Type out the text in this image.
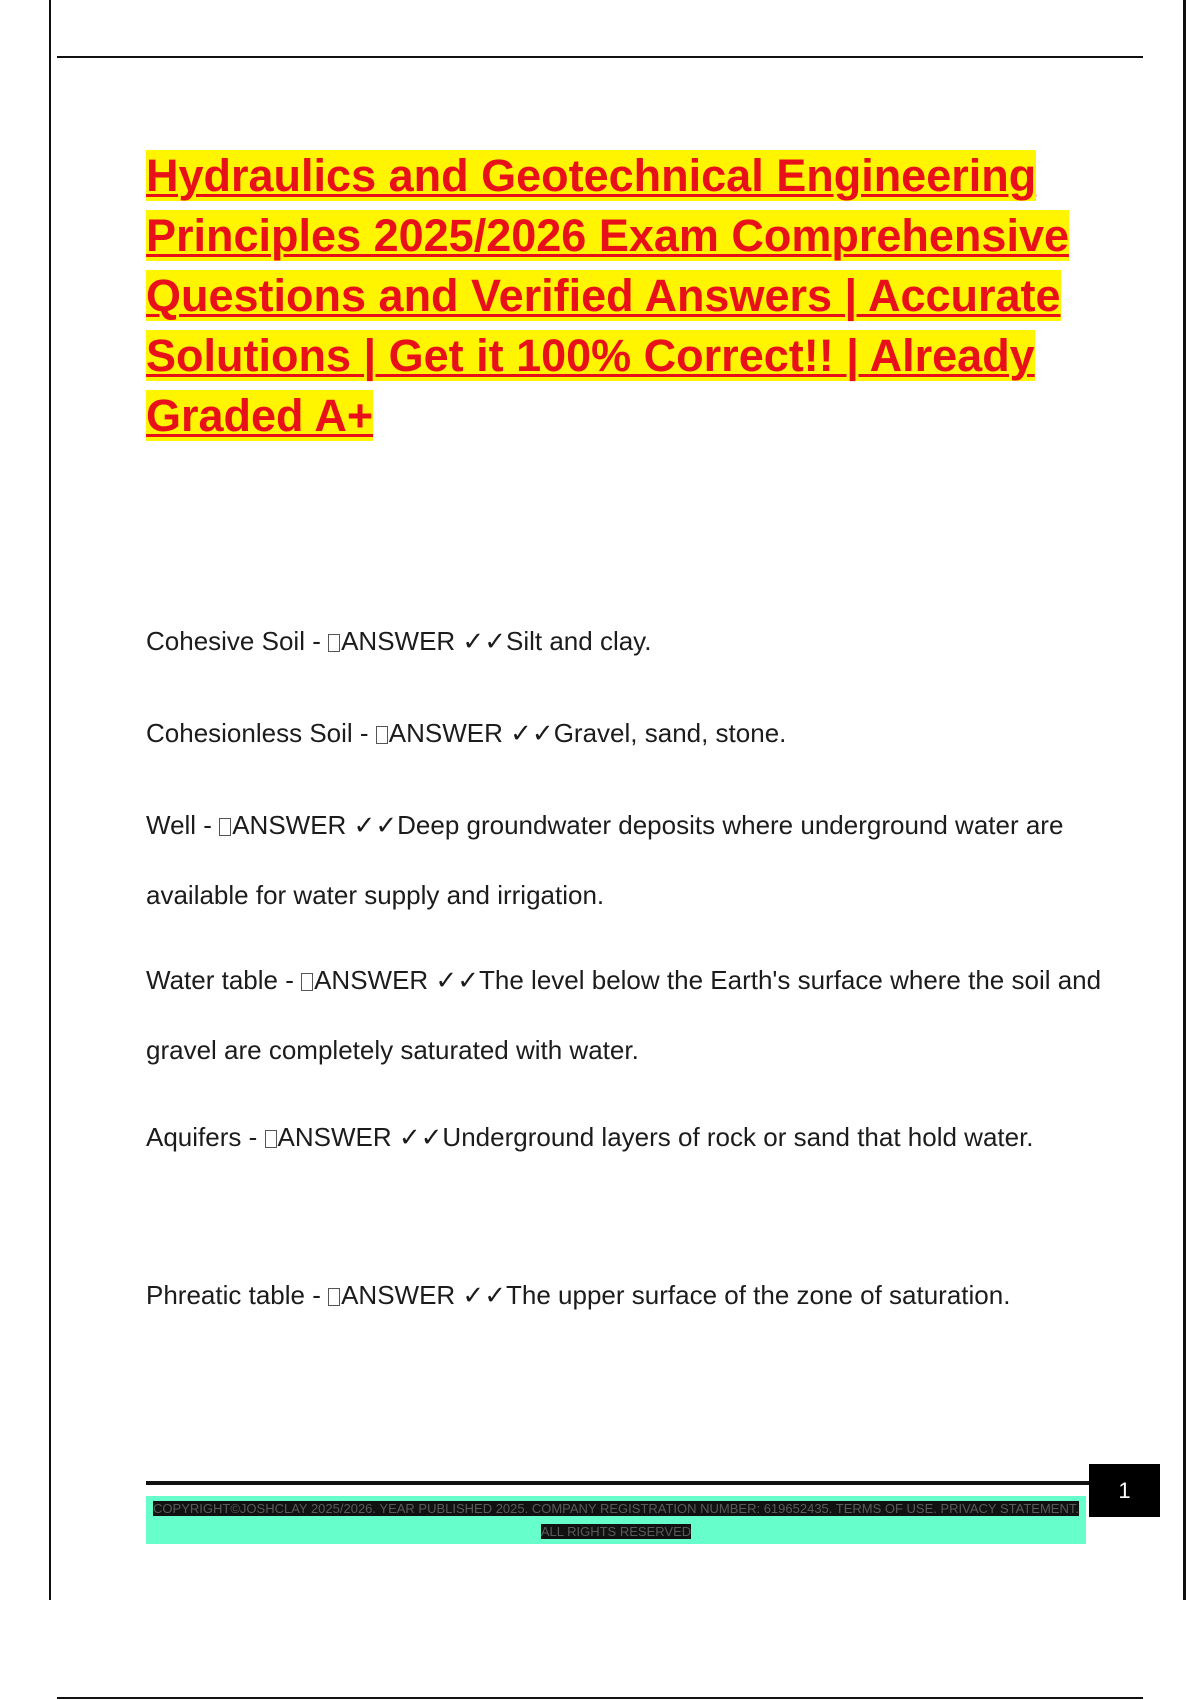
Hydraulics and Geotechnical Engineering Principles 2025/2026 Exam Comprehensive Questions and Verified Answers | Accurate Solutions | Get it 100% Correct!! | Already Graded A+

Cohesive Soil - ANSWER ✓✓Silt and clay.

Cohesionless Soil - ANSWER ✓✓Gravel, sand, stone.

Well - ANSWER ✓✓Deep groundwater deposits where underground water are available for water supply and irrigation.

Water table - ANSWER ✓✓The level below the Earth's surface where the soil and gravel are completely saturated with water.

Aquifers - ANSWER ✓✓Underground layers of rock or sand that hold water.

Phreatic table - ANSWER ✓✓The upper surface of the zone of saturation.

1
COPYRIGHT©JOSHCLAY 2025/2026. YEAR PUBLISHED 2025. COMPANY REGISTRATION NUMBER: 619652435. TERMS OF USE. PRIVACY STATEMENT. ALL RIGHTS RESERVED
